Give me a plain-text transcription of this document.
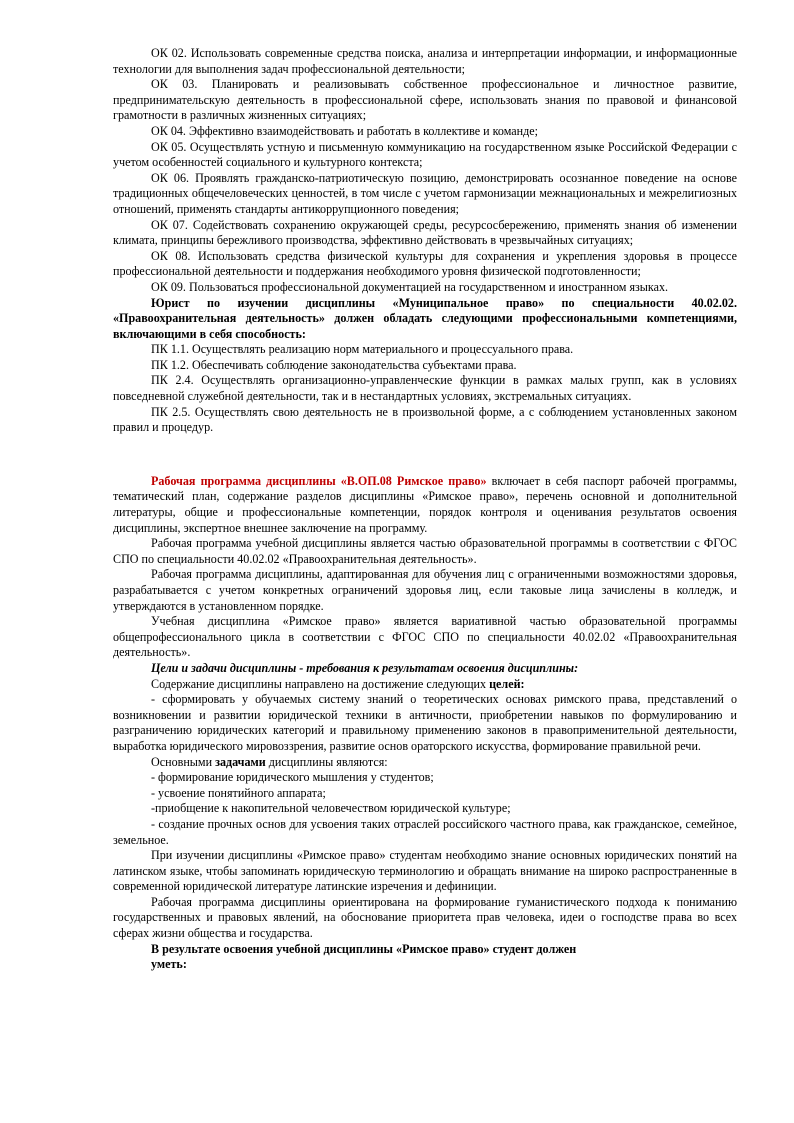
ОК 02. Использовать современные средства поиска, анализа и интерпретации информации, и информационные технологии для выполнения задач профессиональной деятельности;

ОК 03. Планировать и реализовывать собственное профессиональное и личностное развитие, предпринимательскую деятельность в профессиональной сфере, использовать знания по правовой и финансовой грамотности в различных жизненных ситуациях;

ОК 04. Эффективно взаимодействовать и работать в коллективе и команде;

ОК 05. Осуществлять устную и письменную коммуникацию на государственном языке Российской Федерации с учетом особенностей социального и культурного контекста;

ОК 06. Проявлять гражданско-патриотическую позицию, демонстрировать осознанное поведение на основе традиционных общечеловеческих ценностей, в том числе с учетом гармонизации межнациональных и межрелигиозных отношений, применять стандарты антикоррупционного поведения;

ОК 07. Содействовать сохранению окружающей среды, ресурсосбережению, применять знания об изменении климата, принципы бережливого производства, эффективно действовать в чрезвычайных ситуациях;

ОК 08. Использовать средства физической культуры для сохранения и укрепления здоровья в процессе профессиональной деятельности и поддержания необходимого уровня физической подготовленности;

ОК 09. Пользоваться профессиональной документацией на государственном и иностранном языках.

Юрист по изучении дисциплины «Муниципальное право» по специальности 40.02.02. «Правоохранительная деятельность» должен обладать следующими профессиональными компетенциями, включающими в себя способность:

ПК 1.1. Осуществлять реализацию норм материального и процессуального права.

ПК 1.2. Обеспечивать соблюдение законодательства субъектами права.

ПК 2.4. Осуществлять организационно-управленческие функции в рамках малых групп, как в условиях повседневной служебной деятельности, так и в нестандартных условиях, экстремальных ситуациях.

ПК 2.5. Осуществлять свою деятельность не в произвольной форме, а с соблюдением установленных законом правил и процедур.

Рабочая программа дисциплины «В.ОП.08 Римское право» включает в себя паспорт рабочей программы, тематический план, содержание разделов дисциплины «Римское право», перечень основной и дополнительной литературы, общие и профессиональные компетенции, порядок контроля и оценивания результатов освоения дисциплины, экспертное внешнее заключение на программу.

Рабочая программа учебной дисциплины является частью образовательной программы в соответствии с ФГОС СПО по специальности 40.02.02 «Правоохранительная деятельность».

Рабочая программа дисциплины, адаптированная для обучения лиц с ограниченными возможностями здоровья, разрабатывается с учетом конкретных ограничений здоровья лиц, если таковые лица зачислены в колледж, и утверждаются в установленном порядке.

Учебная дисциплина «Римское право» является вариативной частью образовательной программы общепрофессионального цикла в соответствии с ФГОС СПО по специальности 40.02.02 «Правоохранительная деятельность».

Цели и задачи дисциплины - требования к результатам освоения дисциплины:

Содержание дисциплины направлено на достижение следующих целей:

- сформировать у обучаемых систему знаний о теоретических основах римского права, представлений о возникновении и развитии юридической техники в античности, приобретении навыков по формулированию и разграничению юридических категорий и правильному применению законов в правоприменительной деятельности, выработка юридического мировоззрения, развитие основ ораторского искусства, формирование правильной речи.

Основными задачами дисциплины являются:

- формирование юридического мышления у студентов;

- усвоение понятийного аппарата;

-приобщение к накопительной человечеством юридической культуре;

- создание прочных основ для усвоения таких отраслей российского частного права, как гражданское, семейное, земельное.

При изучении дисциплины «Римское право» студентам необходимо знание основных юридических понятий на латинском языке, чтобы запоминать юридическую терминологию и обращать внимание на широко распространенные в современной юридической литературе латинские изречения и дефиниции.

Рабочая программа дисциплины ориентирована на формирование гуманистического подхода к пониманию государственных и правовых явлений, на обоснование приоритета прав человека, идеи о господстве права во всех сферах жизни общества и государства.

В результате освоения учебной дисциплины «Римское право» студент должен

уметь:
